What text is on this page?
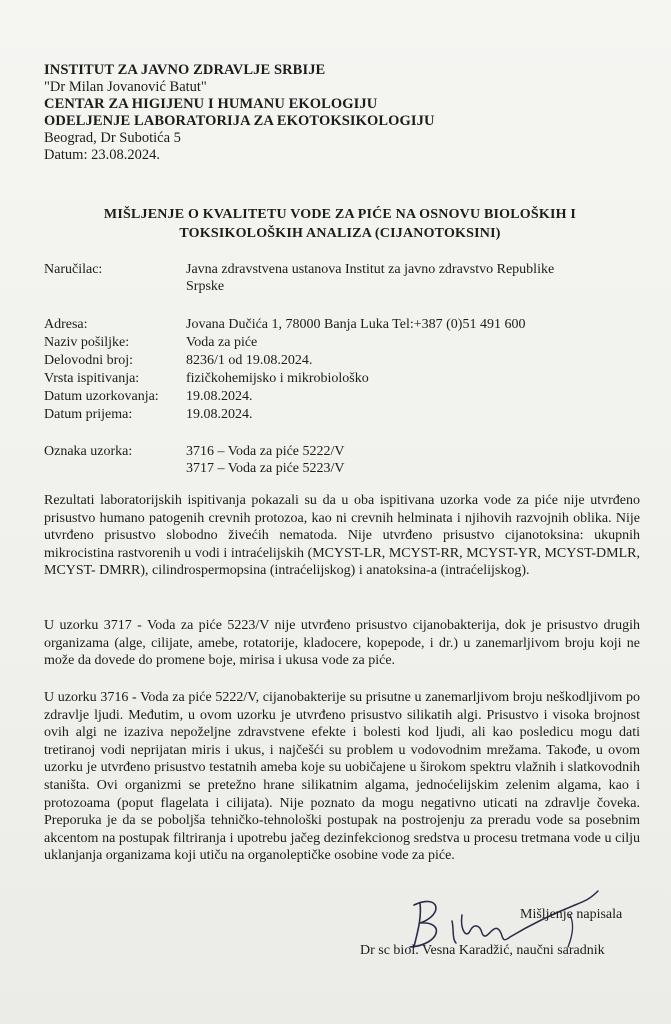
INSTITUT ZA JAVNO ZDRAVLJE SRBIJE
"Dr Milan Jovanović Batut"
CENTAR ZA HIGIJENU I HUMANU EKOLOGIJU
ODELJENJE LABORATORIJA ZA EKOTOKSIKOLOGIJU
Beograd, Dr Subotića 5
Datum: 23.08.2024.
MIŠLJENJE O KVALITETU VODE ZA PIĆE NA OSNOVU BIOLOŠKIH I
TOKSIKOLOŠKIH ANALIZA (CIJANOTOKSINI)
Naručilac:	Javna zdravstvena ustanova Institut za javno zdravstvo Republike
Srpske
Adresa:	Jovana Dučića 1, 78000 Banja Luka Tel:+387 (0)51 491 600
Naziv pošiljke:	Voda za piće
Delovodni broj:	8236/1 od 19.08.2024.
Vrsta ispitivanja:	fizičkohemijsko i mikrobiološko
Datum uzorkovanja: 19.08.2024.
Datum prijema:	19.08.2024.
Oznaka uzorka:	3716 – Voda za piće 5222/V
3717 – Voda za piće 5223/V
Rezultati laboratorijskih ispitivanja pokazali su da u oba ispitivana uzorka vode za piće nije utvrđeno prisustvo humano patogenih crevnih protozoa, kao ni crevnih helminata i njihovih razvojnih oblika. Nije utvrđeno prisustvo slobodno živećih nematoda. Nije utvrđeno prisustvo cijanotoksina: ukupnih mikrocistina rastvorenih u vodi i intraćelijskih (MCYST-LR, MCYST-RR, MCYST-YR, MCYST-DMLR, MCYST- DMRR), cilindrospermopsina (intraćelijskog) i anatoksina-a (intraćelijskog).
U uzorku 3717 - Voda za piće 5223/V nije utvrđeno prisustvo cijanobakterija, dok je prisustvo drugih organizama (alge, cilijate, amebe, rotatorije, kladocere, kopepode, i dr.) u zanemarljivom broju koji ne može da dovede do promene boje, mirisa i ukusa vode za piće.
U uzorku 3716 - Voda za piće 5222/V, cijanobakterije su prisutne u zanemarljivom broju neškodljivom po zdravlje ljudi. Međutim, u ovom uzorku je utvrđeno prisustvo silikatih algi. Prisustvo i visoka brojnost ovih algi ne izaziva nepoželjne zdravstvene efekte i bolesti kod ljudi, ali kao posledicu mogu dati tretiranoj vodi neprijatan miris i ukus, i najčešći su problem u vodovodnim mrežama. Takođe, u ovom uzorku je utvrđeno prisustvo testatnih ameba koje su uobičajene u širokom spektru vlažnih i slatkovodnih staništa. Ovi organizmi se pretežno hrane silikatnim algama, jednoćelijskim zelenim algama, kao i protozoama (poput flagelata i cilijata). Nije poznato da mogu negativno uticati na zdravlje čoveka. Preporuka je da se poboljša tehničko-tehnološki postupak na postrojenju za preradu vode sa posebnim akcentom na postupak filtriranja i upotrebu jačeg dezinfekcionog sredstva u procesu tretmana vode u cilju uklanjanja organizama koji utiču na organoleptičke osobine vode za piće.
Mišljenje napisala
Dr sc biol. Vesna Karadžić, naučni saradnik
